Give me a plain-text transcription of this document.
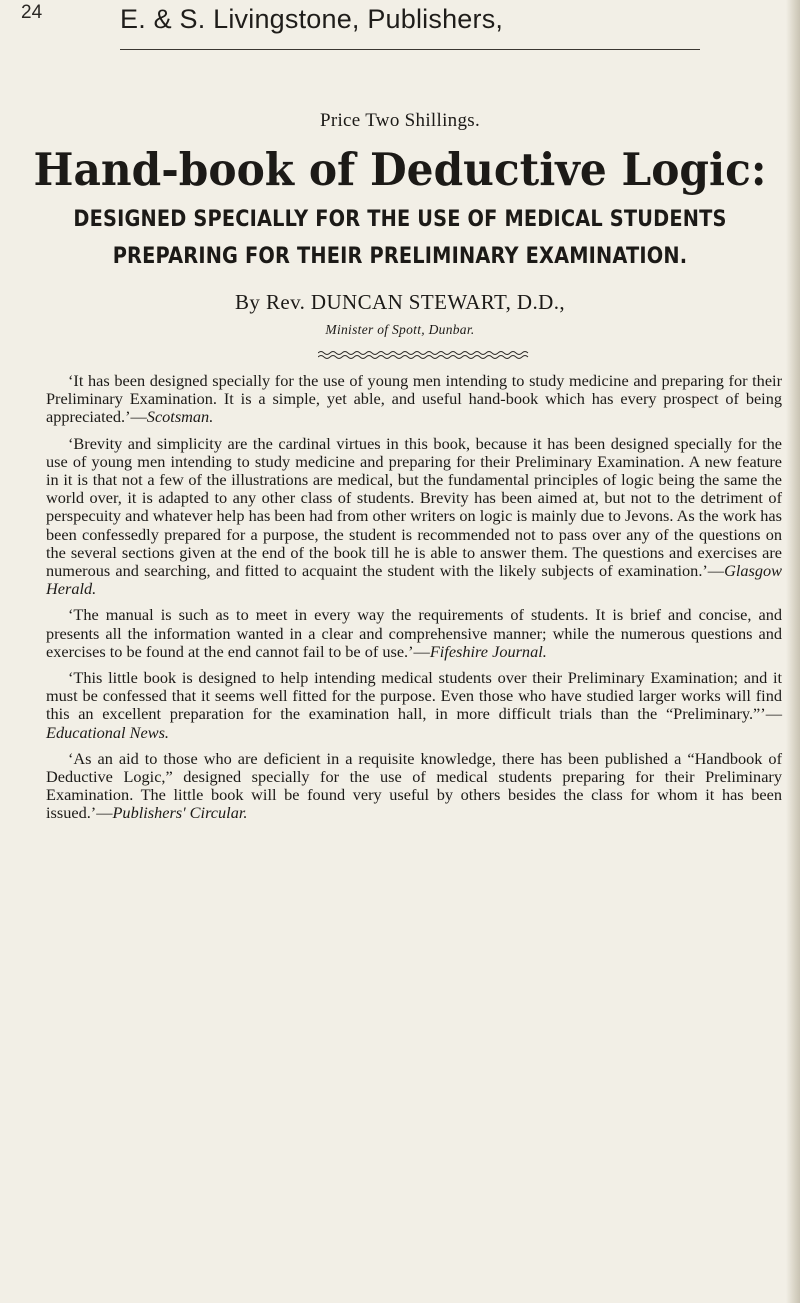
24	E. & S. Livingstone, Publishers,
Price Two Shillings.
Hand-book of Deductive Logic:
DESIGNED SPECIALLY FOR THE USE OF MEDICAL STUDENTS
PREPARING FOR THEIR PRELIMINARY EXAMINATION.
By Rev. DUNCAN STEWART, D.D.,
Minister of Spott, Dunbar.

‘It has been designed specially for the use of young men intending to study medicine and preparing for their Preliminary Examination. It is a simple, yet able, and useful hand-book which has every prospect of being appreciated.’—Scotsman.

‘Brevity and simplicity are the cardinal virtues in this book, because it has been designed specially for the use of young men intending to study medicine and preparing for their Preliminary Examination. A new feature in it is that not a few of the illustrations are medical, but the fundamental principles of logic being the same the world over, it is adapted to any other class of students. Brevity has been aimed at, but not to the detriment of perspecuity and whatever help has been had from other writers on logic is mainly due to Jevons. As the work has been confessedly prepared for a purpose, the student is recommended not to pass over any of the questions on the several sections given at the end of the book till he is able to answer them. The questions and exercises are numerous and searching, and fitted to acquaint the student with the likely subjects of examination.’—Glasgow Herald.

‘The manual is such as to meet in every way the requirements of students. It is brief and concise, and presents all the information wanted in a clear and comprehensive manner; while the numerous questions and exercises to be found at the end cannot fail to be of use.’—Fifeshire Journal.

‘This little book is designed to help intending medical students over their Preliminary Examination; and it must be confessed that it seems well fitted for the purpose. Even those who have studied larger works will find this an excellent preparation for the examination hall, in more difficult trials than the “Preliminary.”’—Educational News.

‘As an aid to those who are deficient in a requisite knowledge, there has been published a “Handbook of Deductive Logic,” designed specially for the use of medical students preparing for their Preliminary Examination. The little book will be found very useful by others besides the class for whom it has been issued.’—Publishers' Circular.
